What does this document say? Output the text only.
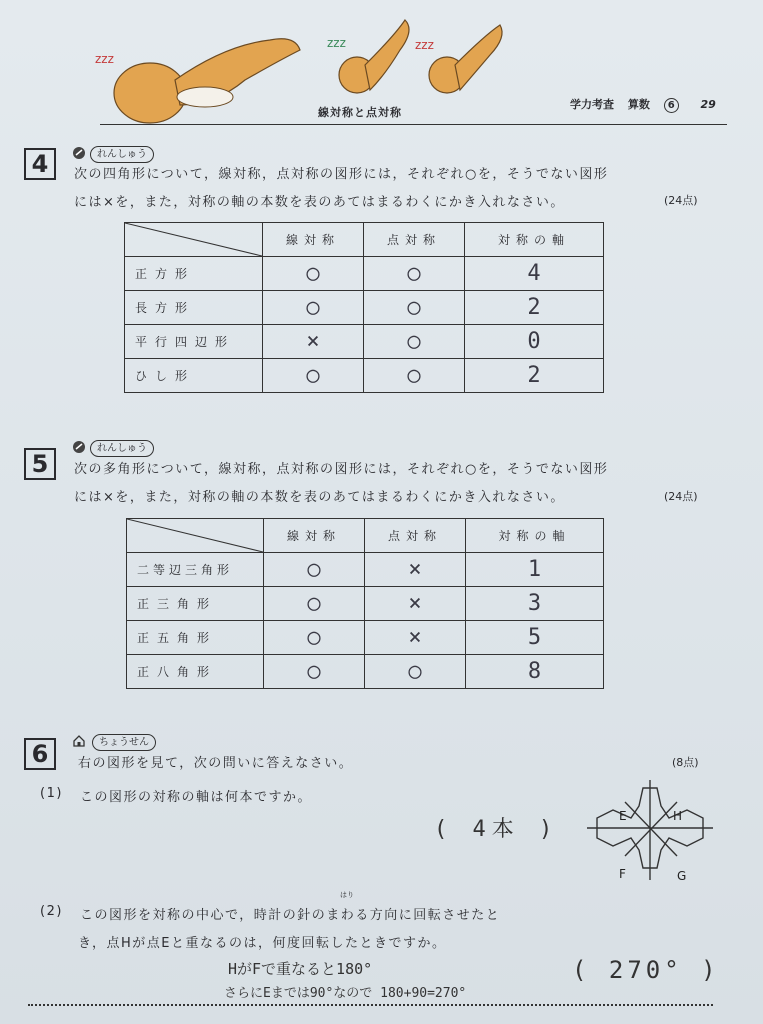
zzz
zzz	zzz
線対称と点対称
学力考査 算数 6 29
4	れんしゅう
次の四角形について，線対称，点対称の図形には，それぞれ○を，そうでない図形
には×を，また，対称の軸の本数を表のあてはまるわくにかき入れなさい。	(24点)
	線対称	点対称	対称の軸
正方形	○	○	4
長方形	○	○	2
平行四辺形	×	○	0
ひし形	○	○	2
5
れんしゅう
次の多角形について，線対称，点対称の図形には，それぞれ○を，そうでない図形
には×を，また，対称の軸の本数を表のあてはまるわくにかき入れなさい。	(24点)
	線対称	点対称	対称の軸
二等辺三角形	○	×	1
正三角形	○	×	3
正五角形	○	×	5
正八角形	○	○	8
6	ちょうせん
右の図形を見て，次の問いに答えなさい。	(8点)
(1) この図形の対称の軸は何本ですか。
( 4本 )
E	H
F	G
(2)
はり
この図形を対称の中心で，時計の針のまわる方向に回転させたと
き，点Hが点Eと重なるのは，何度回転したときですか。
HがFで重なると180°
さらにEまでは90°なので 180+90=270°
( 270° )
